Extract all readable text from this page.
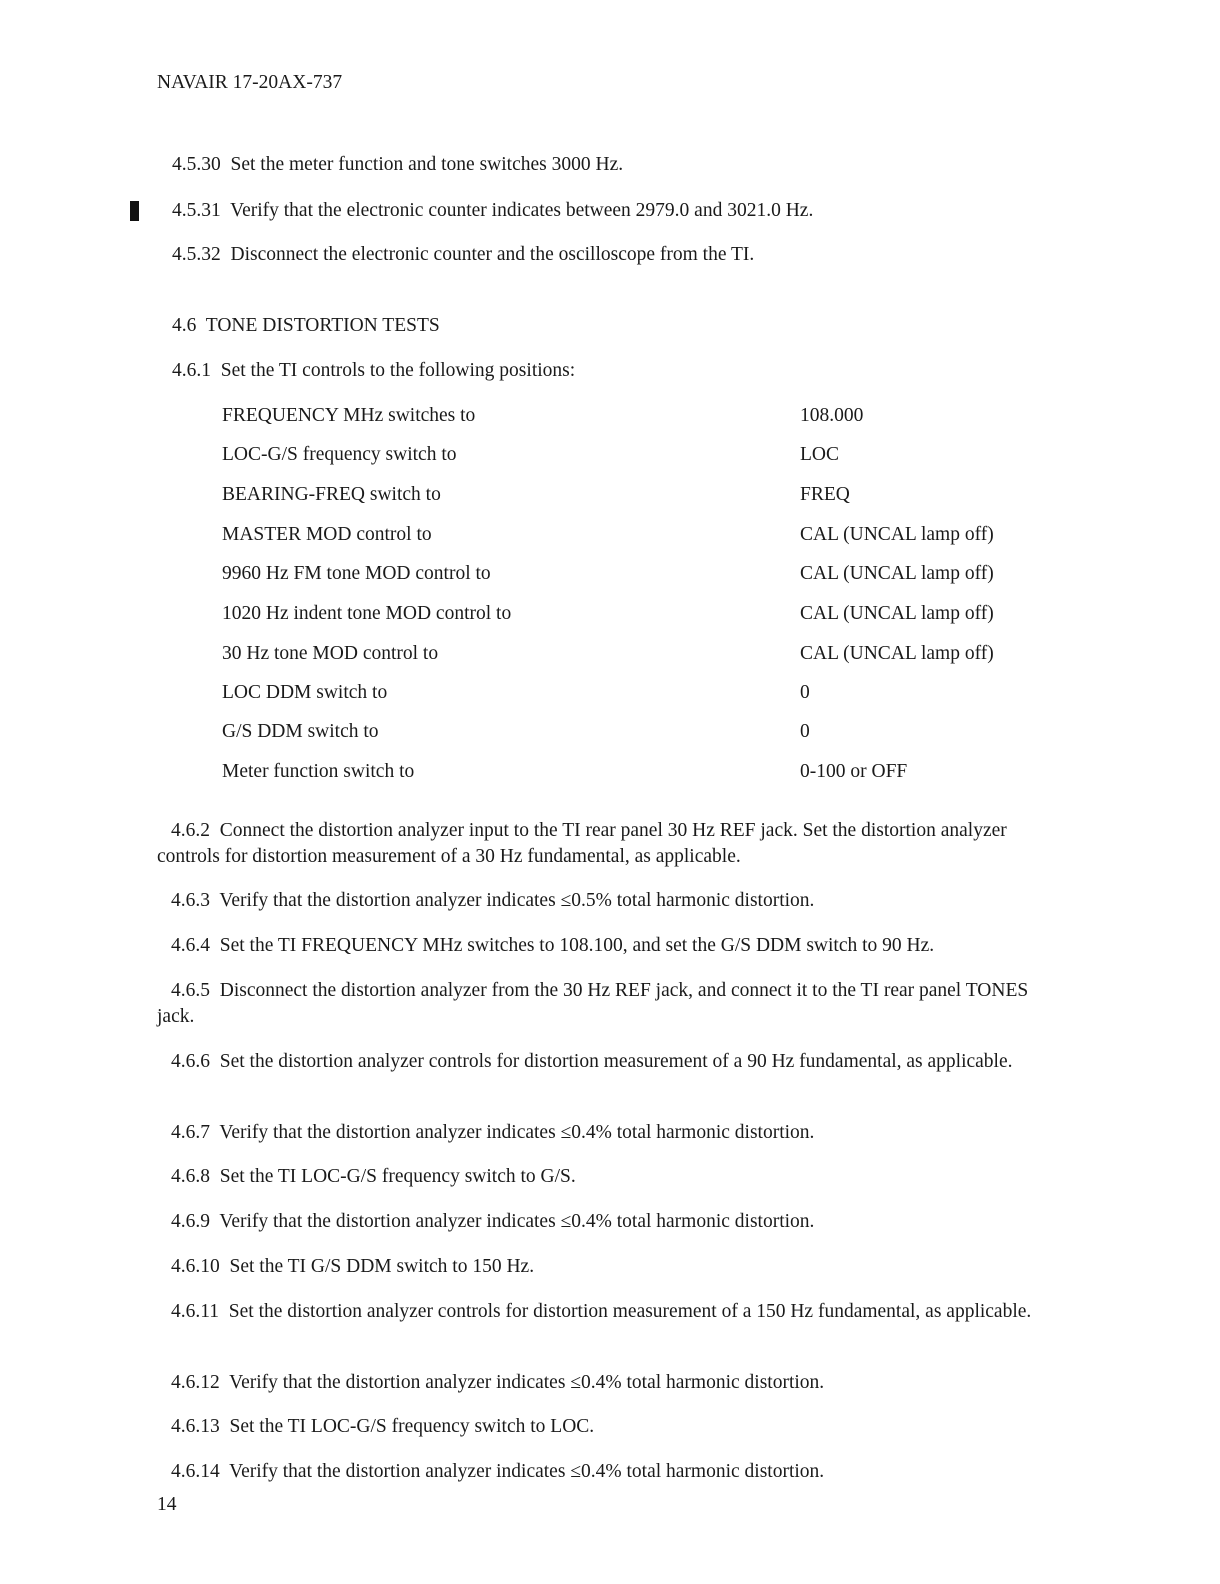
NAVAIR 17-20AX-737
4.5.30 Set the meter function and tone switches 3000 Hz.
4.5.31 Verify that the electronic counter indicates between 2979.0 and 3021.0 Hz.
4.5.32 Disconnect the electronic counter and the oscilloscope from the TI.
4.6 TONE DISTORTION TESTS
4.6.1 Set the TI controls to the following positions:
FREQUENCY MHz switches to	108.000
LOC-G/S frequency switch to	LOC
BEARING-FREQ switch to	FREQ
MASTER MOD control to	CAL (UNCAL lamp off)
9960 Hz FM tone MOD control to	CAL (UNCAL lamp off)
1020 Hz indent tone MOD control to	CAL (UNCAL lamp off)
30 Hz tone MOD control to	CAL (UNCAL lamp off)
LOC DDM switch to	0
G/S DDM switch to	0
Meter function switch to	0-100 or OFF
4.6.2 Connect the distortion analyzer input to the TI rear panel 30 Hz REF jack. Set the distortion analyzer controls for distortion measurement of a 30 Hz fundamental, as applicable.
4.6.3 Verify that the distortion analyzer indicates ≤0.5% total harmonic distortion.
4.6.4 Set the TI FREQUENCY MHz switches to 108.100, and set the G/S DDM switch to 90 Hz.
4.6.5 Disconnect the distortion analyzer from the 30 Hz REF jack, and connect it to the TI rear panel TONES jack.
4.6.6 Set the distortion analyzer controls for distortion measurement of a 90 Hz fundamental, as applicable.
4.6.7 Verify that the distortion analyzer indicates ≤0.4% total harmonic distortion.
4.6.8 Set the TI LOC-G/S frequency switch to G/S.
4.6.9 Verify that the distortion analyzer indicates ≤0.4% total harmonic distortion.
4.6.10 Set the TI G/S DDM switch to 150 Hz.
4.6.11 Set the distortion analyzer controls for distortion measurement of a 150 Hz fundamental, as applicable.
4.6.12 Verify that the distortion analyzer indicates ≤0.4% total harmonic distortion.
4.6.13 Set the TI LOC-G/S frequency switch to LOC.
4.6.14 Verify that the distortion analyzer indicates ≤0.4% total harmonic distortion.
14
